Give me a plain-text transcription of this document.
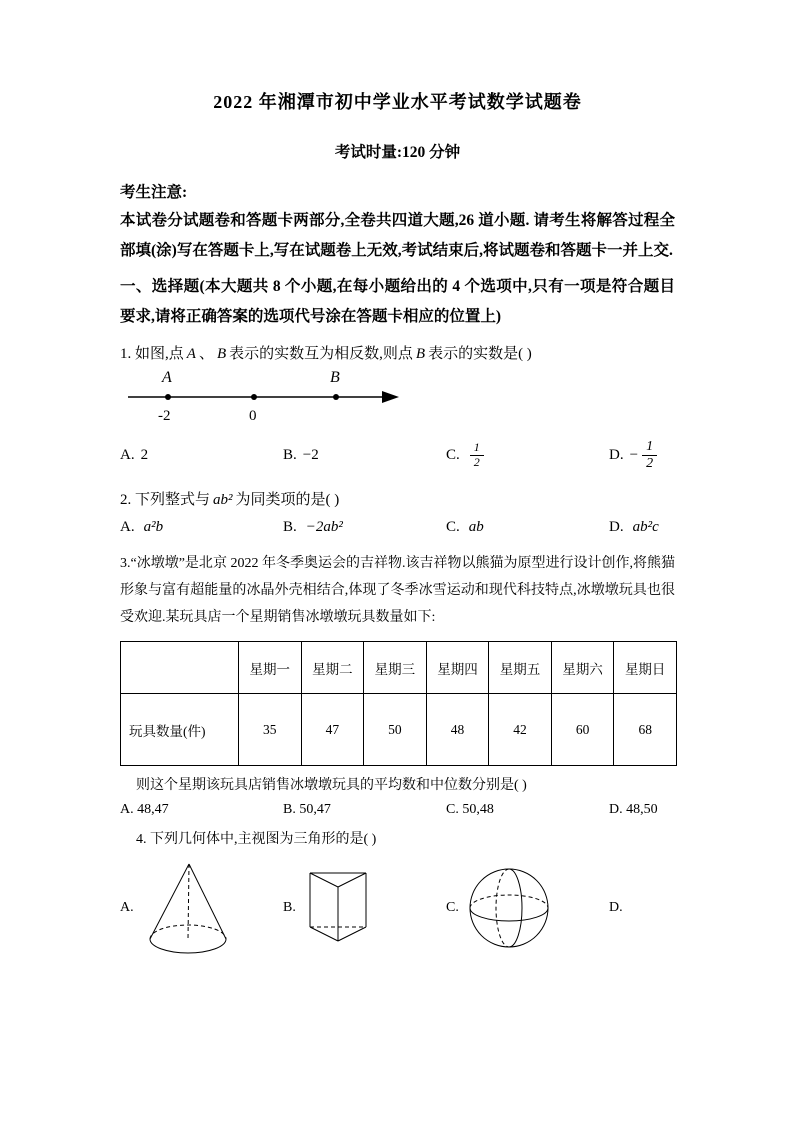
2022 年湘潭市初中学业水平考试数学试题卷
考试时量:120 分钟

考生注意:

本试卷分试题卷和答题卡两部分,全卷共四道大题,26 道小题. 请考生将解答过程全部填(涂)写在答题卡上,写在试题卷上无效,考试结束后,将试题卷和答题卡一并上交.

一、选择题(本大题共 8 个小题,在每小题给出的 4 个选项中,只有一项是符合题目要求,请将正确答案的选项代号涂在答题卡相应的位置上)

1. 如图,点 A 、 B 表示的实数互为相反数,则点 B 表示的实数是( )

A	B
-2	0
A. 2	B. −2	C. $\frac{1}{2}$	D. − $\frac{1}{2}$

2. 下列整式与 ab² 为同类项的是( )

A. a²b	B. −2ab²	C. ab	D. ab²c

3.“冰墩墩”是北京 2022 年冬季奥运会的吉祥物.该吉祥物以熊猫为原型进行设计创作,将熊猫形象与富有超能量的冰晶外壳相结合,体现了冬季冰雪运动和现代科技特点,冰墩墩玩具也很受欢迎.某玩具店一个星期销售冰墩墩玩具数量如下:

	星期一	星期二	星期三	星期四	星期五	星期六	星期日
玩具数量(件)	35	47	50	48	42	60	68

则这个星期该玩具店销售冰墩墩玩具的平均数和中位数分别是( )

A. 48,47	B. 50,47	C. 50,48	D. 48,50

4. 下列几何体中,主视图为三角形的是( )

A.	B.	C.	D.
